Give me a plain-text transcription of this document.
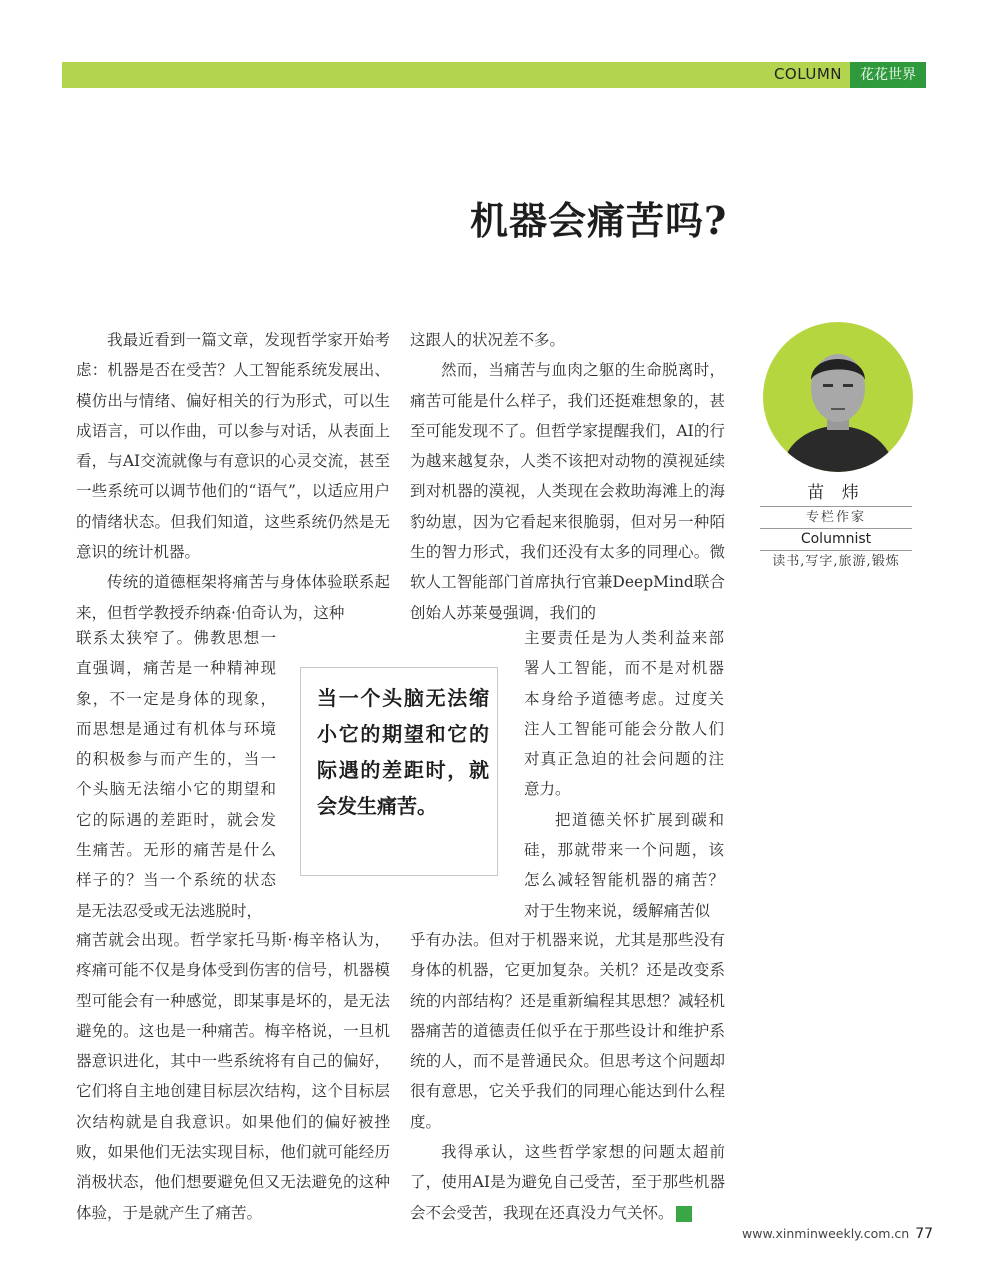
COLUMN	花花世界
机器会痛苦吗?

我最近看到一篇文章，发现哲学家开始考虑：机器是否在受苦？人工智能系统发展出、模仿出与情绪、偏好相关的行为形式，可以生成语言，可以作曲，可以参与对话，从表面上看，与AI交流就像与有意识的心灵交流，甚至一些系统可以调节他们的“语气”，以适应用户的情绪状态。但我们知道，这些系统仍然是无意识的统计机器。

传统的道德框架将痛苦与身体体验联系起来，但哲学教授乔纳森·伯奇认为，这种

联系太狭窄了。佛教思想一直强调，痛苦是一种精神现象，不一定是身体的现象，而思想是通过有机体与环境的积极参与而产生的，当一个头脑无法缩小它的期望和它的际遇的差距时，就会发生痛苦。无形的痛苦是什么样子的？当一个系统的状态是无法忍受或无法逃脱时，

痛苦就会出现。哲学家托马斯·梅辛格认为，疼痛可能不仅是身体受到伤害的信号，机器模型可能会有一种感觉，即某事是坏的，是无法避免的。这也是一种痛苦。梅辛格说，一旦机器意识进化，其中一些系统将有自己的偏好，它们将自主地创建目标层次结构，这个目标层次结构就是自我意识。如果他们的偏好被挫败，如果他们无法实现目标，他们就可能经历消极状态，他们想要避免但又无法避免的这种体验，于是就产生了痛苦。

这跟人的状况差不多。

然而，当痛苦与血肉之躯的生命脱离时，痛苦可能是什么样子，我们还挺难想象的，甚至可能发现不了。但哲学家提醒我们，AI的行为越来越复杂，人类不该把对动物的漠视延续到对机器的漠视，人类现在会救助海滩上的海豹幼崽，因为它看起来很脆弱，但对另一种陌生的智力形式，我们还没有太多的同理心。微软人工智能部门首席执行官兼DeepMind联合创始人苏莱曼强调，我们的

主要责任是为人类利益来部署人工智能，而不是对机器本身给予道德考虑。过度关注人工智能可能会分散人们对真正急迫的社会问题的注意力。

把道德关怀扩展到碳和硅，那就带来一个问题，该怎么减轻智能机器的痛苦？对于生物来说，缓解痛苦似

乎有办法。但对于机器来说，尤其是那些没有身体的机器，它更加复杂。关机？还是改变系统的内部结构？还是重新编程其思想？减轻机器痛苦的道德责任似乎在于那些设计和维护系统的人，而不是普通民众。但思考这个问题却很有意思，它关乎我们的同理心能达到什么程度。

我得承认，这些哲学家想的问题太超前了，使用AI是为避免自己受苦，至于那些机器会不会受苦，我现在还真没力气关怀。	民

当一个头脑无法缩小它的期望和它的际遇的差距时，就会发生痛苦。
苗 炜
专栏作家
Columnist
读书,写字,旅游,锻炼
www.xinminweekly.com.cn 77
